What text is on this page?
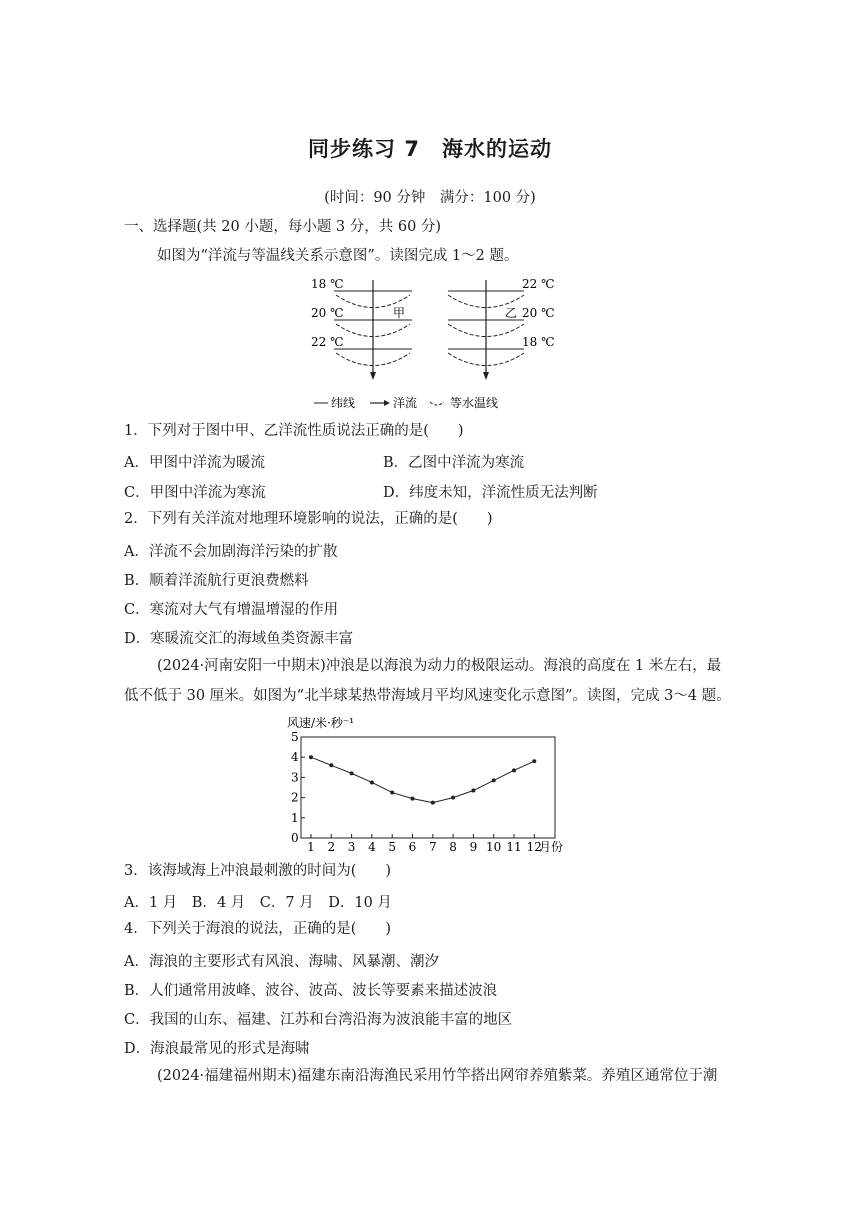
同步练习 7　海水的运动
(时间：90 分钟　满分：100 分)
一、选择题(共 20 小题，每小题 3 分，共 60 分)
如图为“洋流与等温线关系示意图”。读图完成 1～2 题。
18 ℃
20 ℃
22 ℃
甲
22 ℃
20 ℃
18 ℃
乙
纬线	洋流	等水温线
1．下列对于图中甲、乙洋流性质说法正确的是(　　)
A．甲图中洋流为暖流	B．乙图中洋流为寒流
C．甲图中洋流为寒流	D．纬度未知，洋流性质无法判断
2．下列有关洋流对地理环境影响的说法，正确的是(　　)
A．洋流不会加剧海洋污染的扩散
B．顺着洋流航行更浪费燃料
C．寒流对大气有增温增湿的作用
D．寒暖流交汇的海域鱼类资源丰富
(2024·河南安阳一中期末)冲浪是以海浪为动力的极限运动。海浪的高度在 1 米左右，最
低不低于 30 厘米。如图为“北半球某热带海域月平均风速变化示意图”。读图，完成 3～4 题。
风速/米·秒⁻¹
0
1
2
3
4
5
1 2 3 4 5 6 7 8 9 10 11 12
月份
3．该海域海上冲浪最刺激的时间为(　　)
A．1 月　B．4 月　C．7 月　D．10 月
4．下列关于海浪的说法，正确的是(　　)
A．海浪的主要形式有风浪、海啸、风暴潮、潮汐
B．人们通常用波峰、波谷、波高、波长等要素来描述波浪
C．我国的山东、福建、江苏和台湾沿海为波浪能丰富的地区
D．海浪最常见的形式是海啸
(2024·福建福州期末)福建东南沿海渔民采用竹竿搭出网帘养殖紫菜。养殖区通常位于潮
